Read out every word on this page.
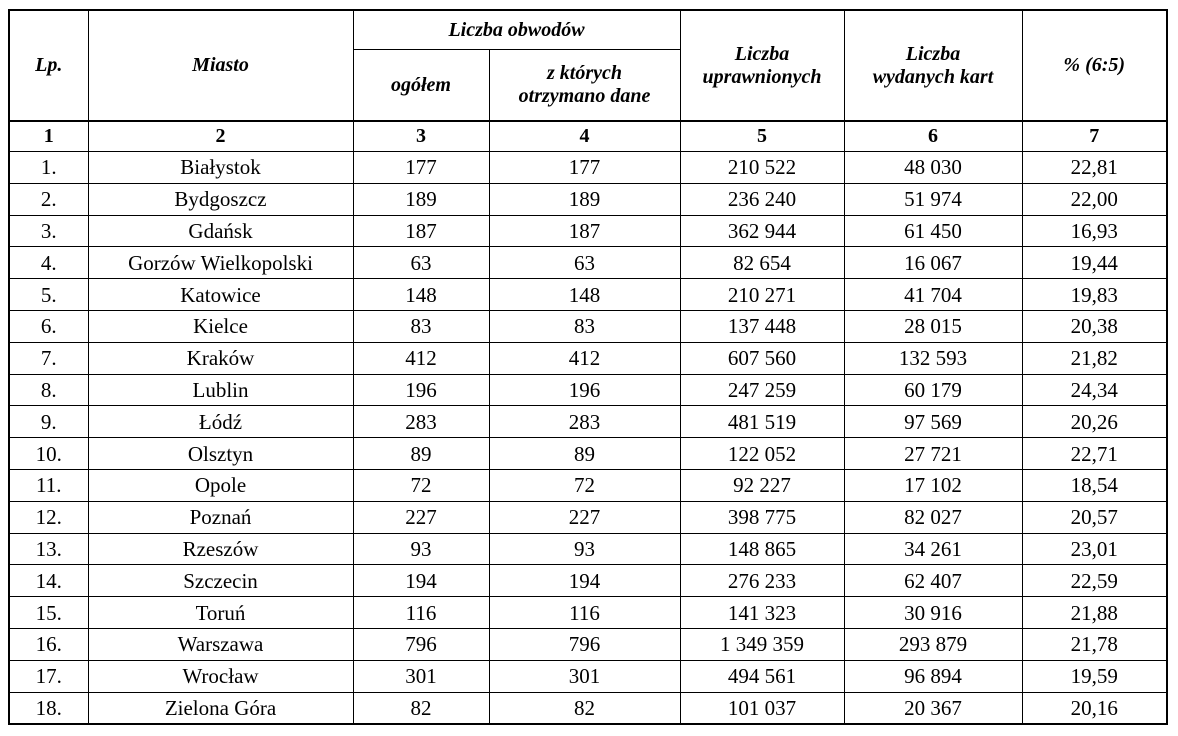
Lp.	Miasto	Liczba obwodów		Liczba uprawnionych	Liczba wydanych kart	% (6:5)
		ogółem	z których otrzymano dane			
1	2	3	4	5	6	7
1.	Białystok	177	177	210 522	48 030	22,81
2.	Bydgoszcz	189	189	236 240	51 974	22,00
3.	Gdańsk	187	187	362 944	61 450	16,93
4.	Gorzów Wielkopolski	63	63	82 654	16 067	19,44
5.	Katowice	148	148	210 271	41 704	19,83
6.	Kielce	83	83	137 448	28 015	20,38
7.	Kraków	412	412	607 560	132 593	21,82
8.	Lublin	196	196	247 259	60 179	24,34
9.	Łódź	283	283	481 519	97 569	20,26
10.	Olsztyn	89	89	122 052	27 721	22,71
11.	Opole	72	72	92 227	17 102	18,54
12.	Poznań	227	227	398 775	82 027	20,57
13.	Rzeszów	93	93	148 865	34 261	23,01
14.	Szczecin	194	194	276 233	62 407	22,59
15.	Toruń	116	116	141 323	30 916	21,88
16.	Warszawa	796	796	1 349 359	293 879	21,78
17.	Wrocław	301	301	494 561	96 894	19,59
18.	Zielona Góra	82	82	101 037	20 367	20,16
